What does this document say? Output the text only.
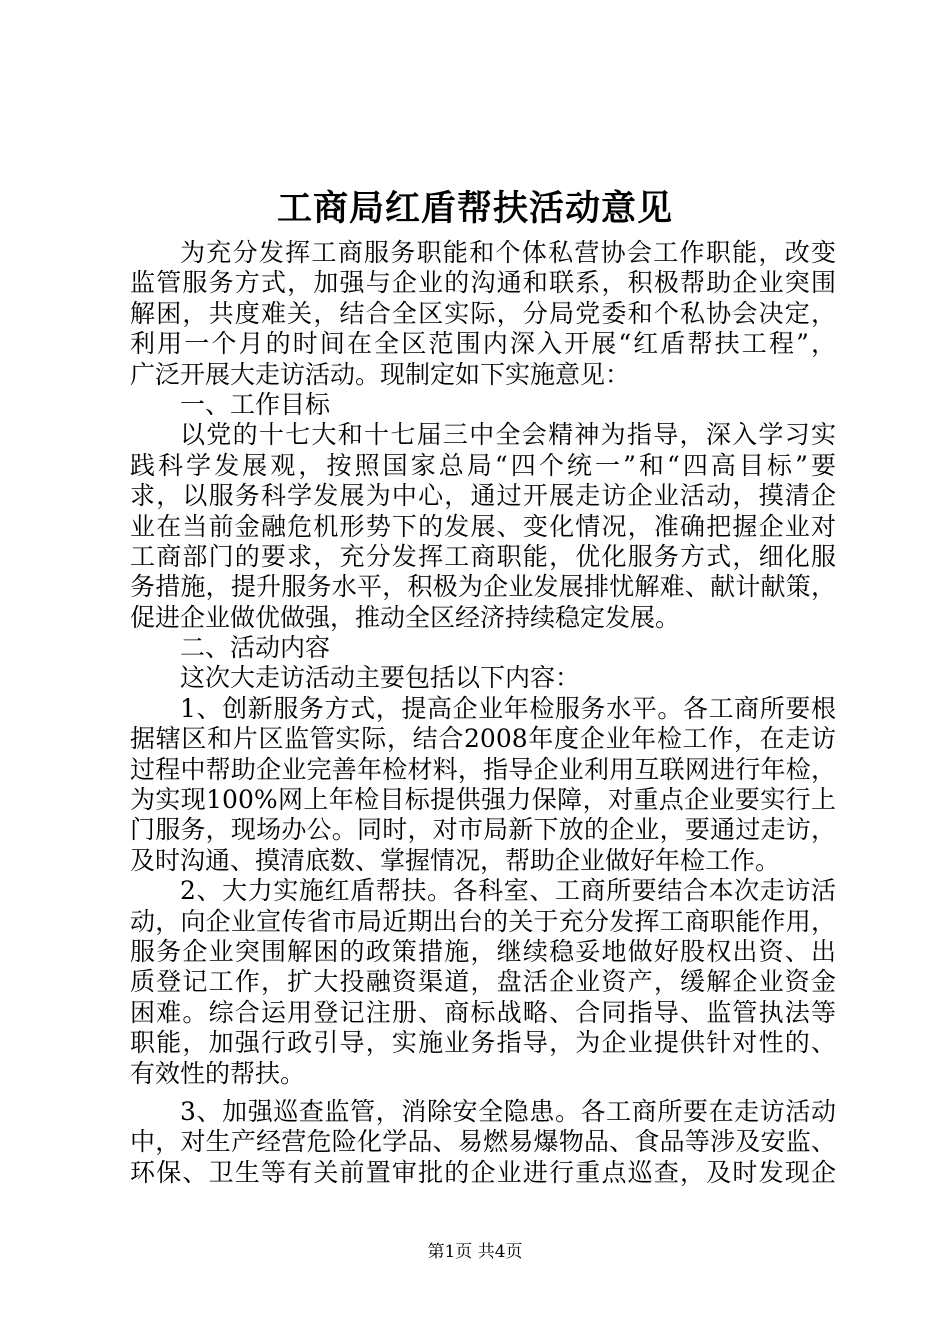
工商局红盾帮扶活动意见
为充分发挥工商服务职能和个体私营协会工作职能，改变
监管服务方式，加强与企业的沟通和联系，积极帮助企业突围
解困，共度难关，结合全区实际，分局党委和个私协会决定，
利用一个月的时间在全区范围内深入开展“红盾帮扶工程”，
广泛开展大走访活动。现制定如下实施意见：
一、工作目标
以党的十七大和十七届三中全会精神为指导，深入学习实
践科学发展观，按照国家总局“四个统一”和“四高目标”要
求，以服务科学发展为中心，通过开展走访企业活动，摸清企
业在当前金融危机形势下的发展、变化情况，准确把握企业对
工商部门的要求，充分发挥工商职能，优化服务方式，细化服
务措施，提升服务水平，积极为企业发展排忧解难、献计献策，
促进企业做优做强，推动全区经济持续稳定发展。
二、活动内容
这次大走访活动主要包括以下内容：
1、创新服务方式，提高企业年检服务水平。各工商所要根
据辖区和片区监管实际，结合2008年度企业年检工作，在走访
过程中帮助企业完善年检材料，指导企业利用互联网进行年检，
为实现100%网上年检目标提供强力保障，对重点企业要实行上
门服务，现场办公。同时，对市局新下放的企业，要通过走访，
及时沟通、摸清底数、掌握情况，帮助企业做好年检工作。
2、大力实施红盾帮扶。各科室、工商所要结合本次走访活
动，向企业宣传省市局近期出台的关于充分发挥工商职能作用，
服务企业突围解困的政策措施，继续稳妥地做好股权出资、出
质登记工作，扩大投融资渠道，盘活企业资产，缓解企业资金
困难。综合运用登记注册、商标战略、合同指导、监管执法等
职能，加强行政引导，实施业务指导，为企业提供针对性的、
有效性的帮扶。
3、加强巡查监管，消除安全隐患。各工商所要在走访活动
中，对生产经营危险化学品、易燃易爆物品、食品等涉及安监、
环保、卫生等有关前置审批的企业进行重点巡查，及时发现企
第1页 共4页
